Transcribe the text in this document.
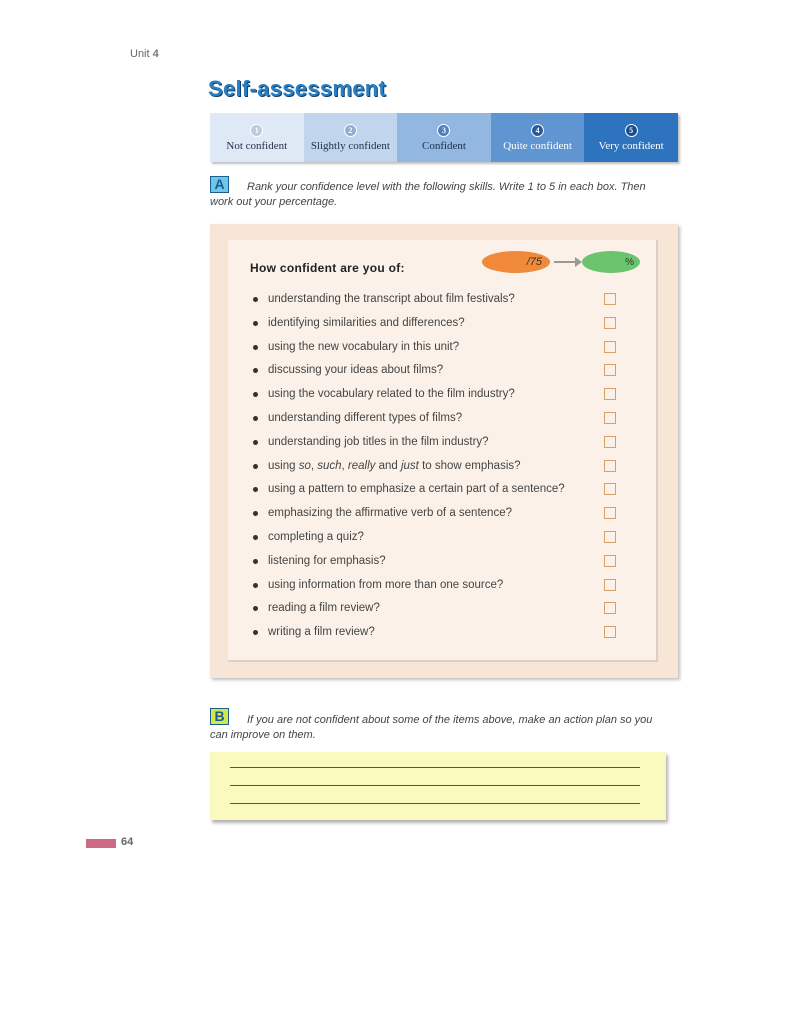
Unit 4
Self-assessment
1
Not confident
2
Slightly confident
3
Confident
4
Quite confident
5
Very confident
A	Rank your confidence level with the following skills. Write 1 to 5 in each box. Then work out your percentage.
How confident are you of:	/75	%
understanding the transcript about film festivals?
identifying similarities and differences?
using the new vocabulary in this unit?
discussing your ideas about films?
using the vocabulary related to the film industry?
understanding different types of films?
understanding job titles in the film industry?
using so, such, really and just to show emphasis?
using a pattern to emphasize a certain part of a sentence?
emphasizing the affirmative verb of a sentence?
completing a quiz?
listening for emphasis?
using information from more than one source?
reading a film review?
writing a film review?
B	If you are not confident about some of the items above, make an action plan so you can improve on them.
64
